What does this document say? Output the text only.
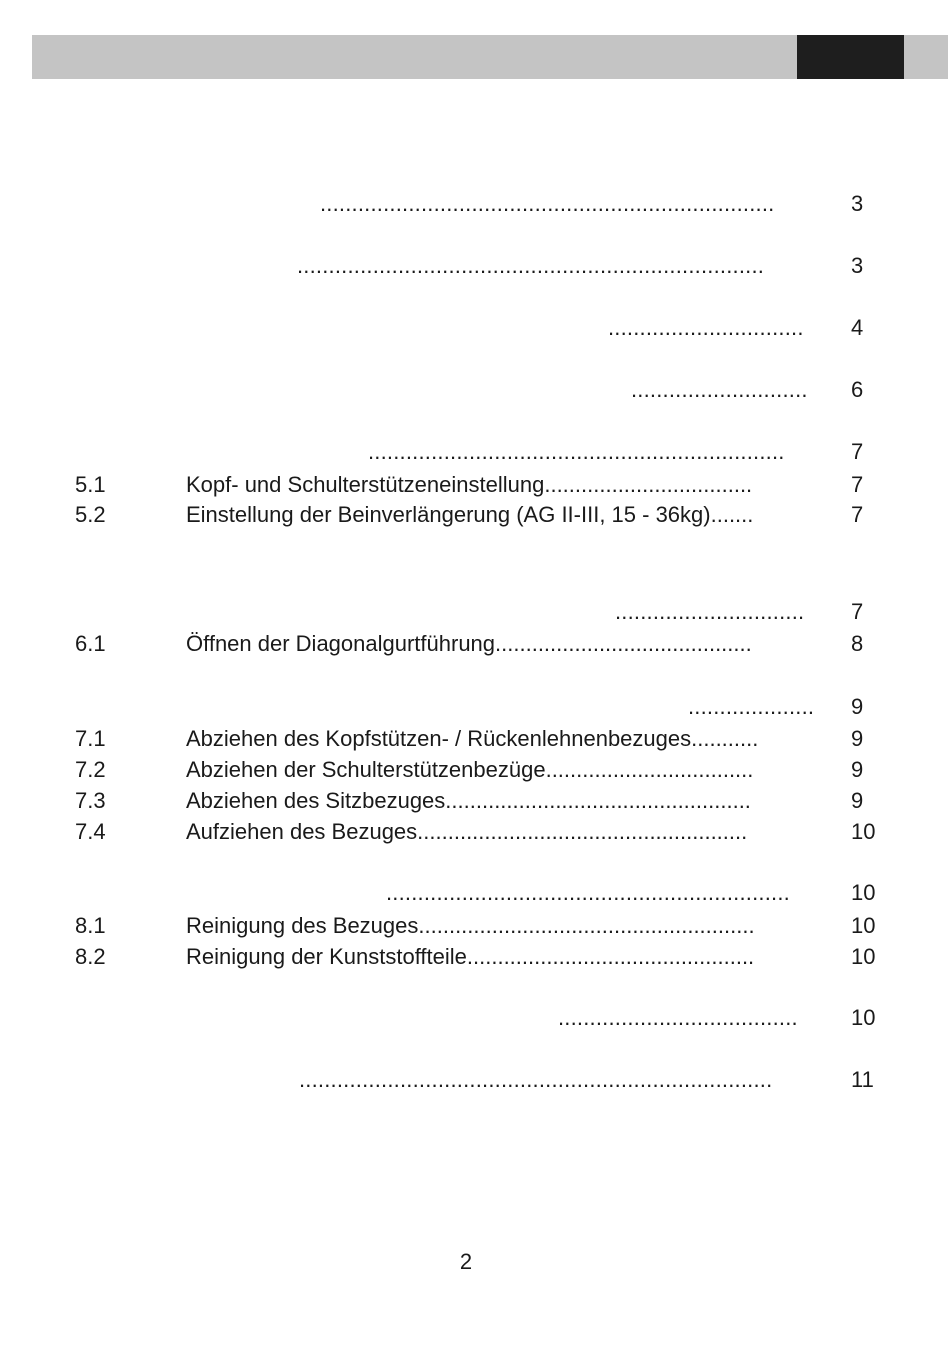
........................................................................	3
..........................................................................	3
............................... 4
............................ 6
..................................................................	7
5.1	Kopf- und Schulterstützeneinstellung..................................	7
5.2	Einstellung der Beinverlängerung (AG II-III, 15 - 36kg).......	7
.............................. 7
6.1	Öffnen der Diagonalgurtführung..........................................	8
.................... 9
7.1	Abziehen des Kopfstützen- / Rückenlehnenbezuges...........	9
7.2	Abziehen der Schulterstützenbezüge..................................	9
7.3	Abziehen des Sitzbezuges..................................................	9
7.4	Aufziehen des Bezuges......................................................	10
................................................................	10
8.1	Reinigung des Bezuges.......................................................	10
8.2	Reinigung der Kunststoffteile...............................................	10
...................................... 10
...........................................................................	11
2
